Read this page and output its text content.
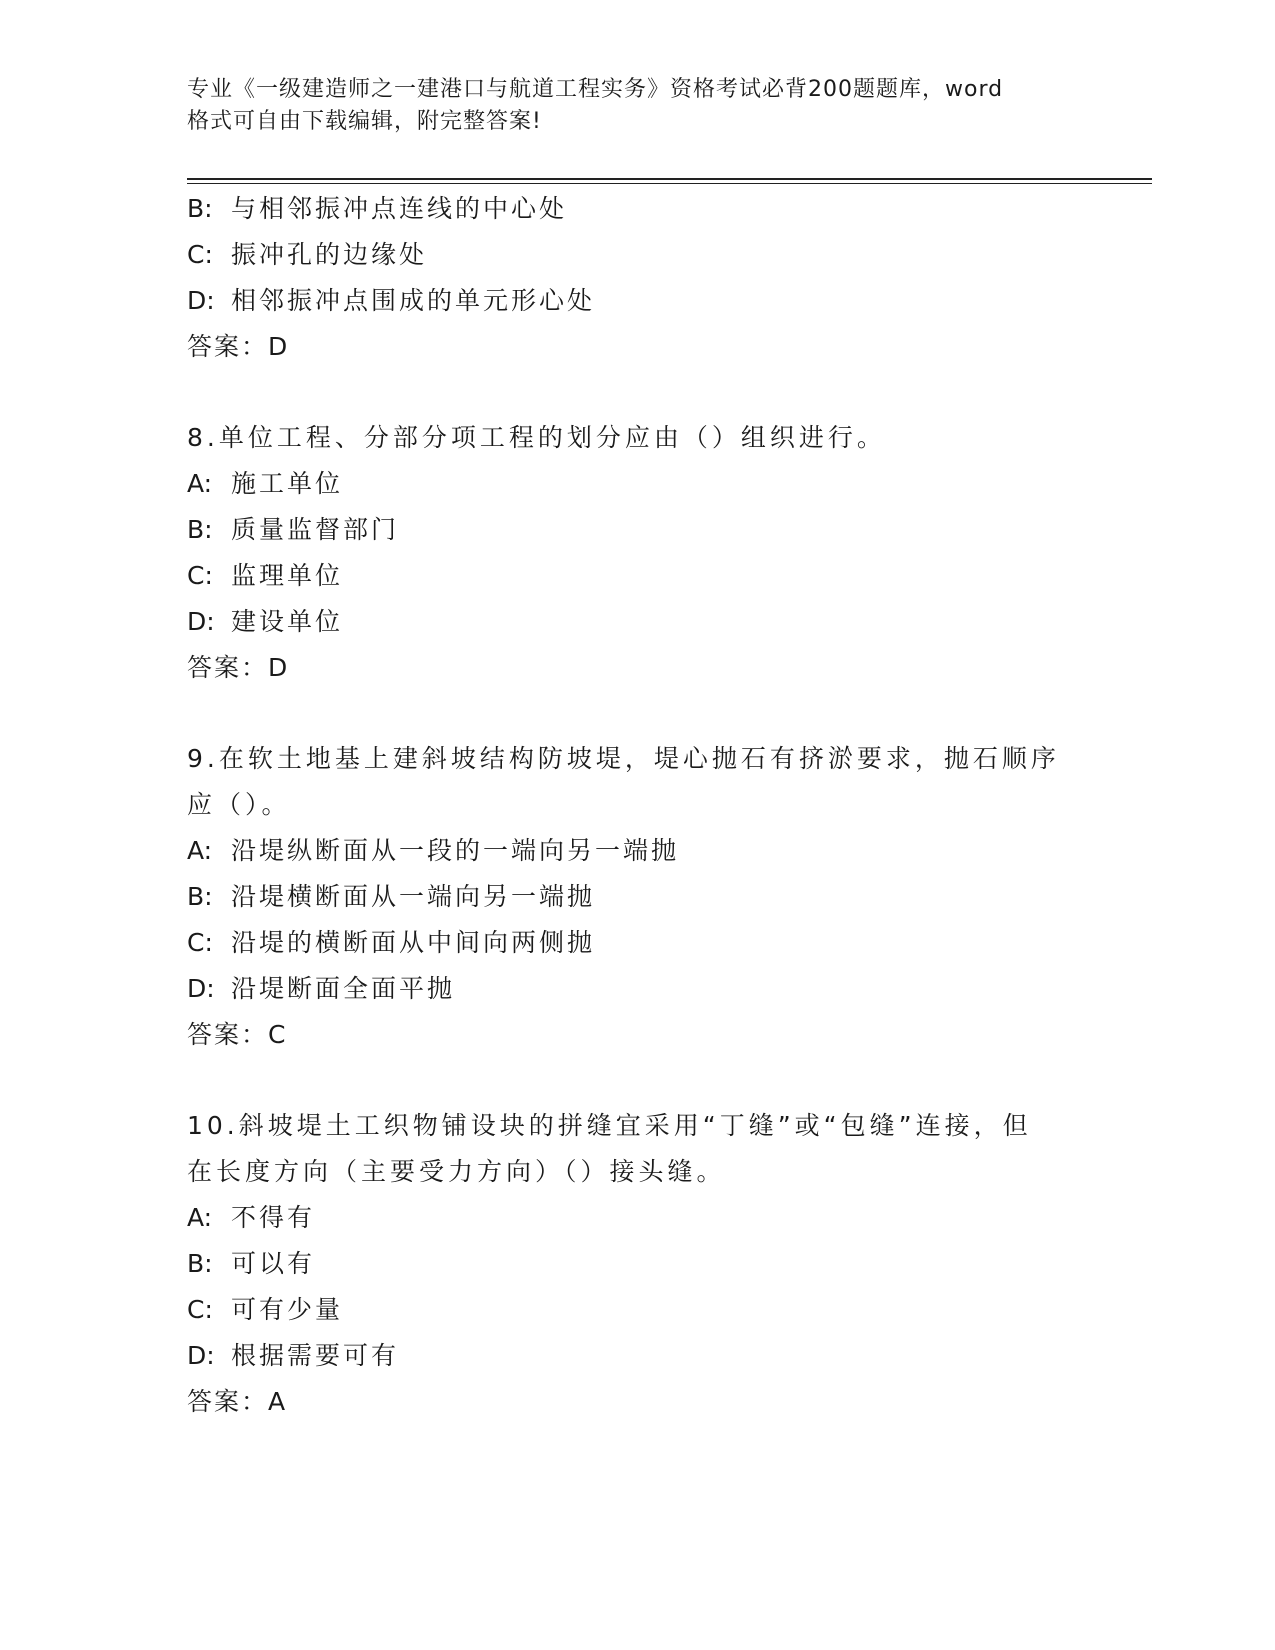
专业《一级建造师之一建港口与航道工程实务》资格考试必背200题题库，word
格式可自由下载编辑，附完整答案!
B: 与相邻振冲点连线的中心处
C: 振冲孔的边缘处
D: 相邻振冲点围成的单元形心处
答案：D
8.单位工程、分部分项工程的划分应由（）组织进行。
A: 施工单位
B: 质量监督部门
C: 监理单位
D: 建设单位
答案：D
9.在软土地基上建斜坡结构防坡堤，堤心抛石有挤淤要求，抛石顺序
应（）。
A: 沿堤纵断面从一段的一端向另一端抛
B: 沿堤横断面从一端向另一端抛
C: 沿堤的横断面从中间向两侧抛
D: 沿堤断面全面平抛
答案：C
10.斜坡堤土工织物铺设块的拼缝宜采用“丁缝”或“包缝”连接，但
在长度方向（主要受力方向）（）接头缝。
A: 不得有
B: 可以有
C: 可有少量
D: 根据需要可有
答案：A
